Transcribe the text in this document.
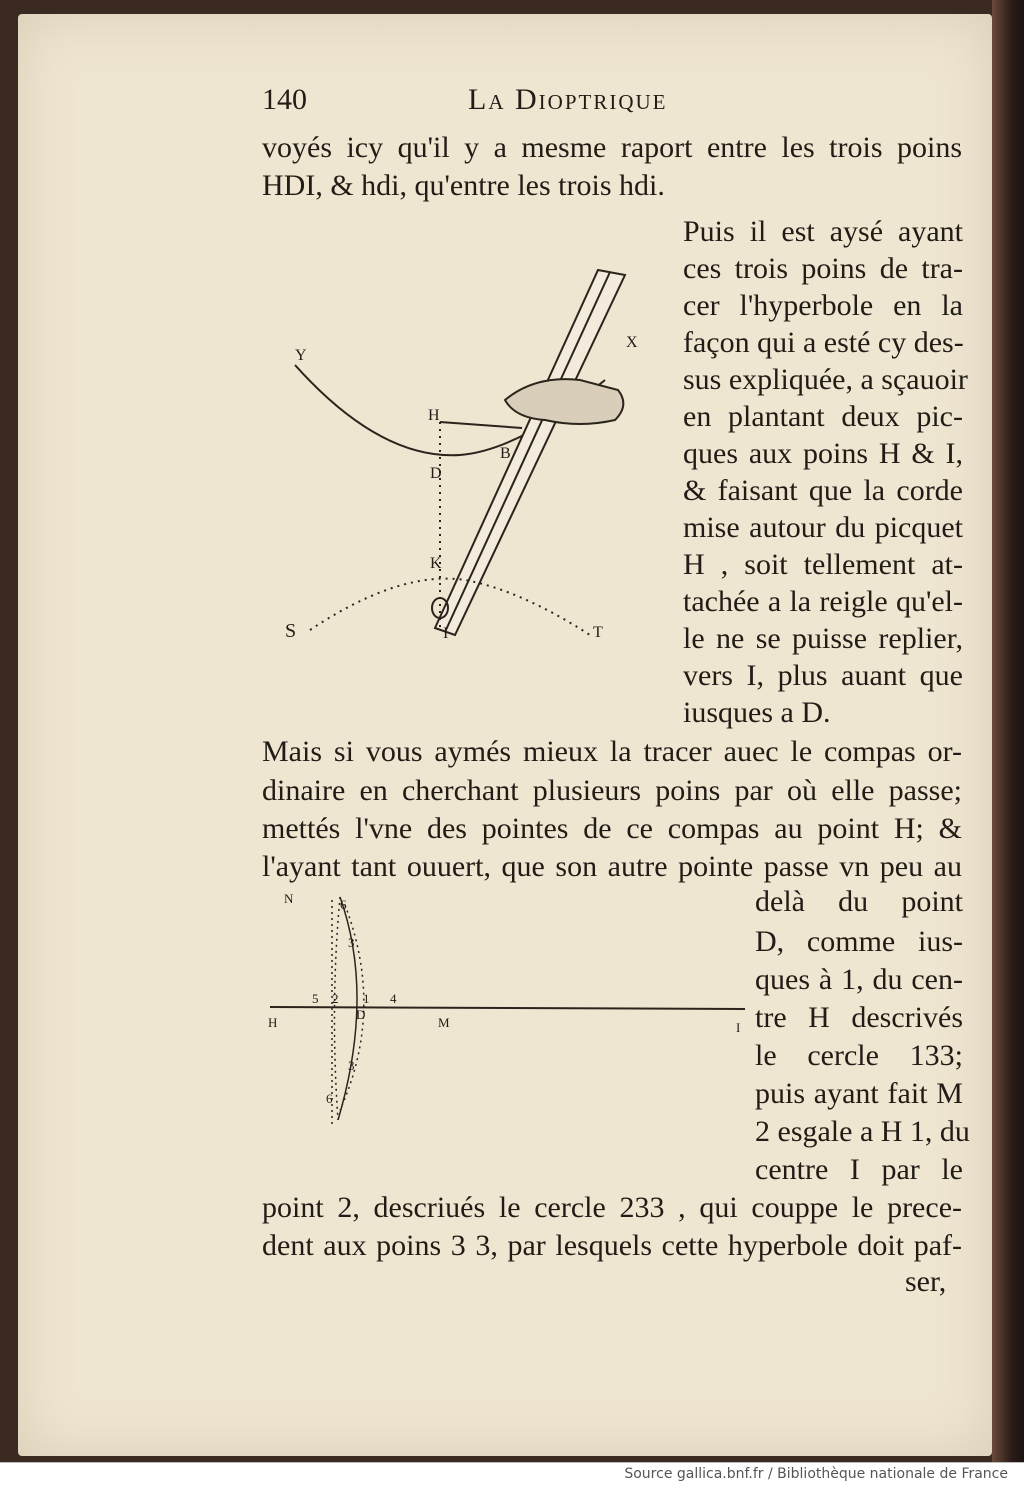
140	La Dioptrique
voyés icy qu'il y a mesme raport entre les trois poins
HDI, & hdi, qu'entre les trois hdi.
Puis il est aysé ayant
ces trois poins de tra-
cer l'hyperbole en la
façon qui a esté cy des-
sus expliquée, a sçauoir
en plantant deux pic-
ques aux poins H & I,
& faisant que la corde
mise autour du picquet
H , soit tellement at-
tachée a la reigle qu'el-
le ne se puisse replier,
vers I, plus auant que
iusques a D.
Y
X
H
B
D
K
S	I	T
Mais si vous aymés mieux la tracer auec le compas or-
dinaire en cherchant plusieurs poins par où elle passe;
mettés l'vne des pointes de ce compas au point H; &
l'ayant tant ouuert, que son autre pointe passe vn peu au
N
H	M	I
D
5 2 1 4
3
3
6
6
delà du point
D, comme ius-
ques à 1, du cen-
tre H descrivés
le cercle 133;
puis ayant fait M
2 esgale a H 1, du
centre I par le
point 2, descriués le cercle 233 , qui couppe le prece-
dent aux poins 3 3, par lesquels cette hyperbole doit paf-
ser,
Source gallica.bnf.fr / Bibliothèque nationale de France
